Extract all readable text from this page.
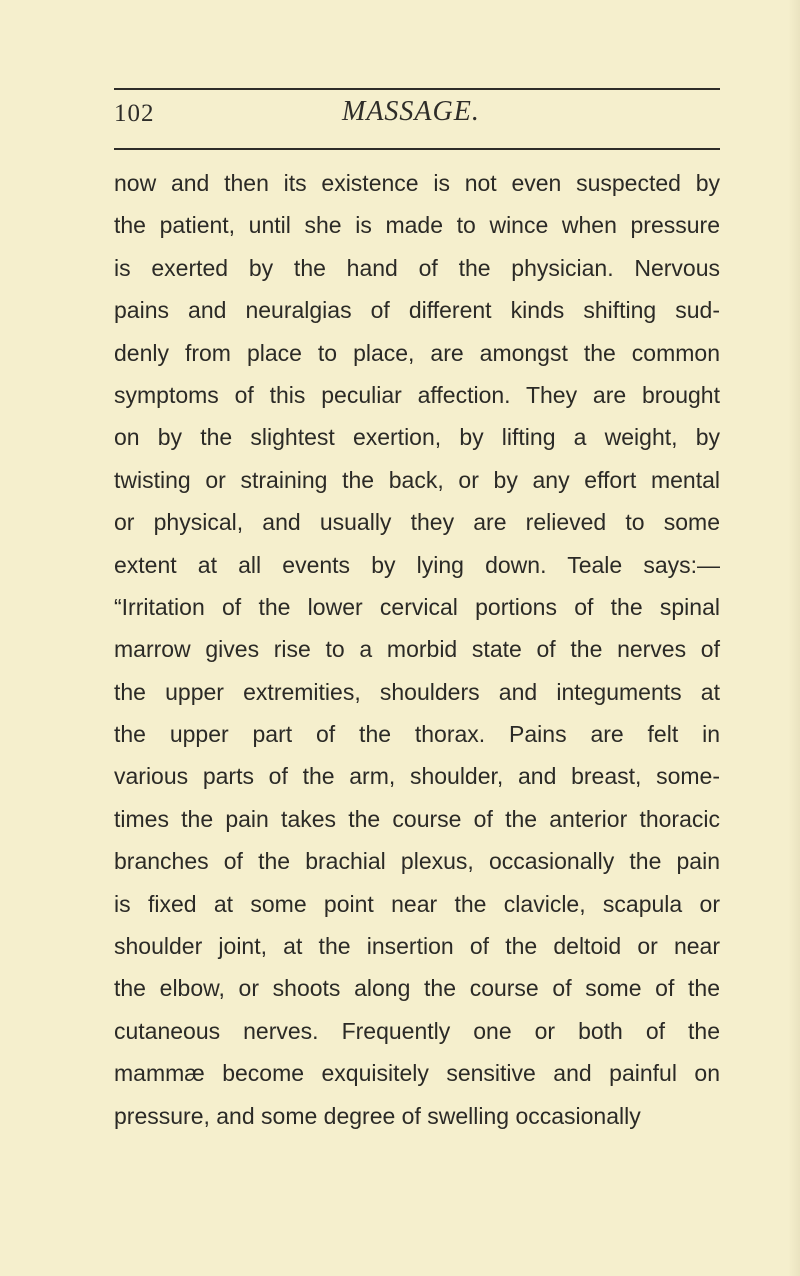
102	MASSAGE.
now and then its existence is not even suspected by
the patient, until she is made to wince when pressure
is exerted by the hand of the physician. Nervous
pains and neuralgias of different kinds shifting sud-
denly from place to place, are amongst the common
symptoms of this peculiar affection. They are brought
on by the slightest exertion, by lifting a weight, by
twisting or straining the back, or by any effort mental
or physical, and usually they are relieved to some
extent at all events by lying down. Teale says:—
“Irritation of the lower cervical portions of the spinal
marrow gives rise to a morbid state of the nerves of
the upper extremities, shoulders and integuments at
the upper part of the thorax. Pains are felt in
various parts of the arm, shoulder, and breast, some-
times the pain takes the course of the anterior thoracic
branches of the brachial plexus, occasionally the pain
is fixed at some point near the clavicle, scapula or
shoulder joint, at the insertion of the deltoid or near
the elbow, or shoots along the course of some of the
cutaneous nerves. Frequently one or both of the
mammæ become exquisitely sensitive and painful on
pressure, and some degree of swelling occasionally
